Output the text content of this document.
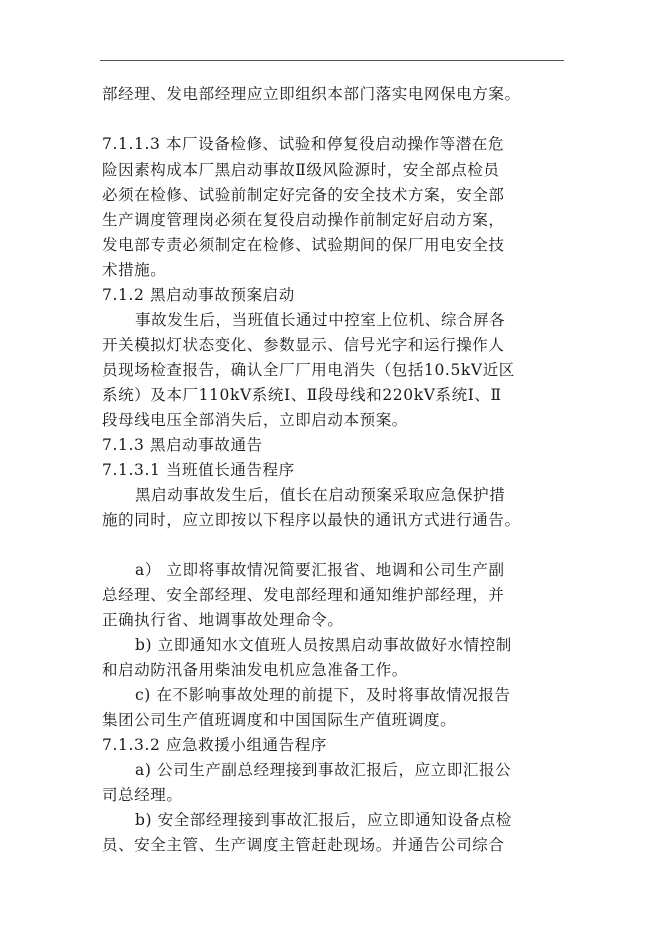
部经理、发电部经理应立即组织本部门落实电网保电方案。
7.1.1.3 本厂设备检修、试验和停复役启动操作等潜在危
险因素构成本厂黑启动事故Ⅱ级风险源时，安全部点检员
必须在检修、试验前制定好完备的安全技术方案，安全部
生产调度管理岗必须在复役启动操作前制定好启动方案，
发电部专责必须制定在检修、试验期间的保厂用电安全技
术措施。
7.1.2 黑启动事故预案启动
事故发生后，当班值长通过中控室上位机、综合屏各
开关模拟灯状态变化、参数显示、信号光字和运行操作人
员现场检查报告，确认全厂厂用电消失（包括10.5kV近区
系统）及本厂110kV系统Ⅰ、Ⅱ段母线和220kV系统Ⅰ、Ⅱ
段母线电压全部消失后，立即启动本预案。
7.1.3 黑启动事故通告
7.1.3.1 当班值长通告程序
黑启动事故发生后，值长在启动预案采取应急保护措
施的同时，应立即按以下程序以最快的通讯方式进行通告。
a） 立即将事故情况简要汇报省、地调和公司生产副
总经理、安全部经理、发电部经理和通知维护部经理，并
正确执行省、地调事故处理命令。
b) 立即通知水文值班人员按黑启动事故做好水情控制
和启动防汛备用柴油发电机应急准备工作。
c) 在不影响事故处理的前提下，及时将事故情况报告
集团公司生产值班调度和中国国际生产值班调度。
7.1.3.2 应急救援小组通告程序
a) 公司生产副总经理接到事故汇报后，应立即汇报公
司总经理。
b) 安全部经理接到事故汇报后，应立即通知设备点检
员、安全主管、生产调度主管赶赴现场。并通告公司综合
